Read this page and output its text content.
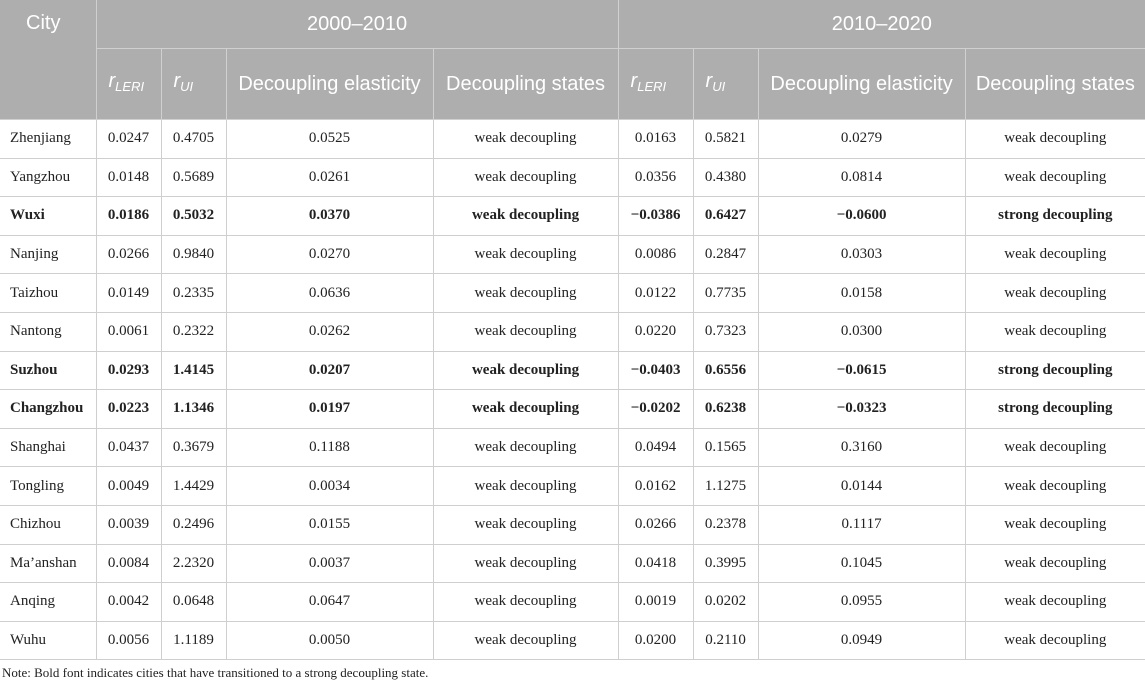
City	2000–2010				2010–2020			
	$r_{LERI}$	$r_{UI}$	Decoupling elasticity	Decoupling states	$r_{LERI}$	$r_{UI}$	Decoupling elasticity	Decoupling states
Zhenjiang	0.0247	0.4705	0.0525	weak decoupling	0.0163	0.5821	0.0279	weak decoupling
Yangzhou	0.0148	0.5689	0.0261	weak decoupling	0.0356	0.4380	0.0814	weak decoupling
Wuxi	0.0186	0.5032	0.0370	weak decoupling	−0.0386	0.6427	−0.0600	strong decoupling
Nanjing	0.0266	0.9840	0.0270	weak decoupling	0.0086	0.2847	0.0303	weak decoupling
Taizhou	0.0149	0.2335	0.0636	weak decoupling	0.0122	0.7735	0.0158	weak decoupling
Nantong	0.0061	0.2322	0.0262	weak decoupling	0.0220	0.7323	0.0300	weak decoupling
Suzhou	0.0293	1.4145	0.0207	weak decoupling	−0.0403	0.6556	−0.0615	strong decoupling
Changzhou	0.0223	1.1346	0.0197	weak decoupling	−0.0202	0.6238	−0.0323	strong decoupling
Shanghai	0.0437	0.3679	0.1188	weak decoupling	0.0494	0.1565	0.3160	weak decoupling
Tongling	0.0049	1.4429	0.0034	weak decoupling	0.0162	1.1275	0.0144	weak decoupling
Chizhou	0.0039	0.2496	0.0155	weak decoupling	0.0266	0.2378	0.1117	weak decoupling
Ma’anshan	0.0084	2.2320	0.0037	weak decoupling	0.0418	0.3995	0.1045	weak decoupling
Anqing	0.0042	0.0648	0.0647	weak decoupling	0.0019	0.0202	0.0955	weak decoupling
Wuhu	0.0056	1.1189	0.0050	weak decoupling	0.0200	0.2110	0.0949	weak decoupling
Note: Bold font indicates cities that have transitioned to a strong decoupling state.
